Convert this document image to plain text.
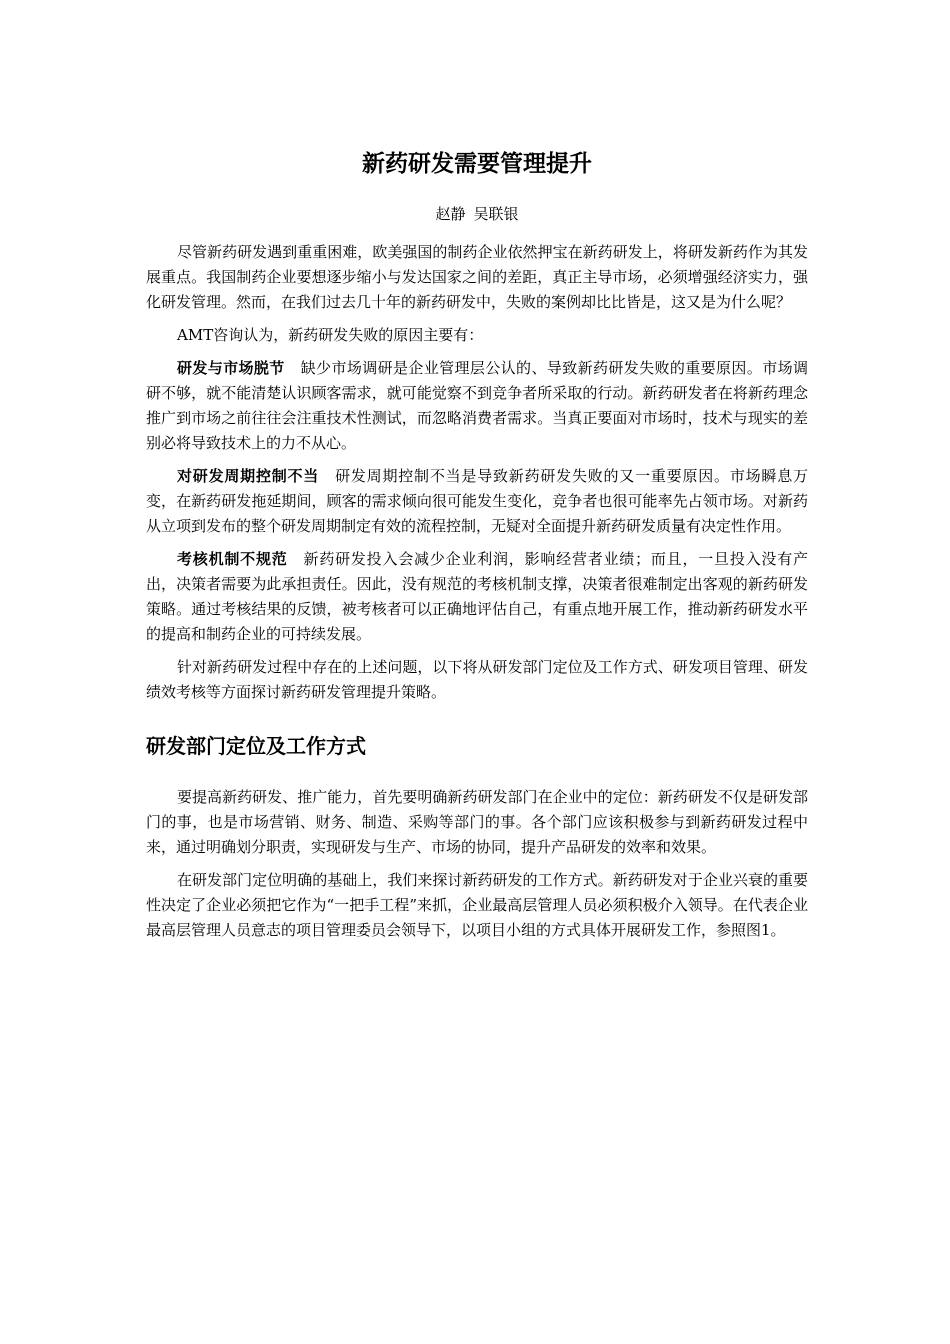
新药研发需要管理提升
赵静 吴联银

尽管新药研发遇到重重困难，欧美强国的制药企业依然押宝在新药研发上，将研发新药作为其发展重点。我国制药企业要想逐步缩小与发达国家之间的差距，真正主导市场，必须增强经济实力，强化研发管理。然而，在我们过去几十年的新药研发中，失败的案例却比比皆是，这又是为什么呢？

AMT咨询认为，新药研发失败的原因主要有：

研发与市场脱节 缺少市场调研是企业管理层公认的、导致新药研发失败的重要原因。市场调研不够，就不能清楚认识顾客需求，就可能觉察不到竞争者所采取的行动。新药研发者在将新药理念推广到市场之前往往会注重技术性测试，而忽略消费者需求。当真正要面对市场时，技术与现实的差别必将导致技术上的力不从心。

对研发周期控制不当 研发周期控制不当是导致新药研发失败的又一重要原因。市场瞬息万变，在新药研发拖延期间，顾客的需求倾向很可能发生变化，竞争者也很可能率先占领市场。对新药从立项到发布的整个研发周期制定有效的流程控制，无疑对全面提升新药研发质量有决定性作用。

考核机制不规范 新药研发投入会减少企业利润，影响经营者业绩；而且，一旦投入没有产出，决策者需要为此承担责任。因此，没有规范的考核机制支撑，决策者很难制定出客观的新药研发策略。通过考核结果的反馈，被考核者可以正确地评估自己，有重点地开展工作，推动新药研发水平的提高和制药企业的可持续发展。

针对新药研发过程中存在的上述问题，以下将从研发部门定位及工作方式、研发项目管理、研发绩效考核等方面探讨新药研发管理提升策略。

研发部门定位及工作方式

要提高新药研发、推广能力，首先要明确新药研发部门在企业中的定位：新药研发不仅是研发部门的事，也是市场营销、财务、制造、采购等部门的事。各个部门应该积极参与到新药研发过程中来，通过明确划分职责，实现研发与生产、市场的协同，提升产品研发的效率和效果。

在研发部门定位明确的基础上，我们来探讨新药研发的工作方式。新药研发对于企业兴衰的重要性决定了企业必须把它作为“一把手工程”来抓，企业最高层管理人员必须积极介入领导。在代表企业最高层管理人员意志的项目管理委员会领导下，以项目小组的方式具体开展研发工作，参照图1。
